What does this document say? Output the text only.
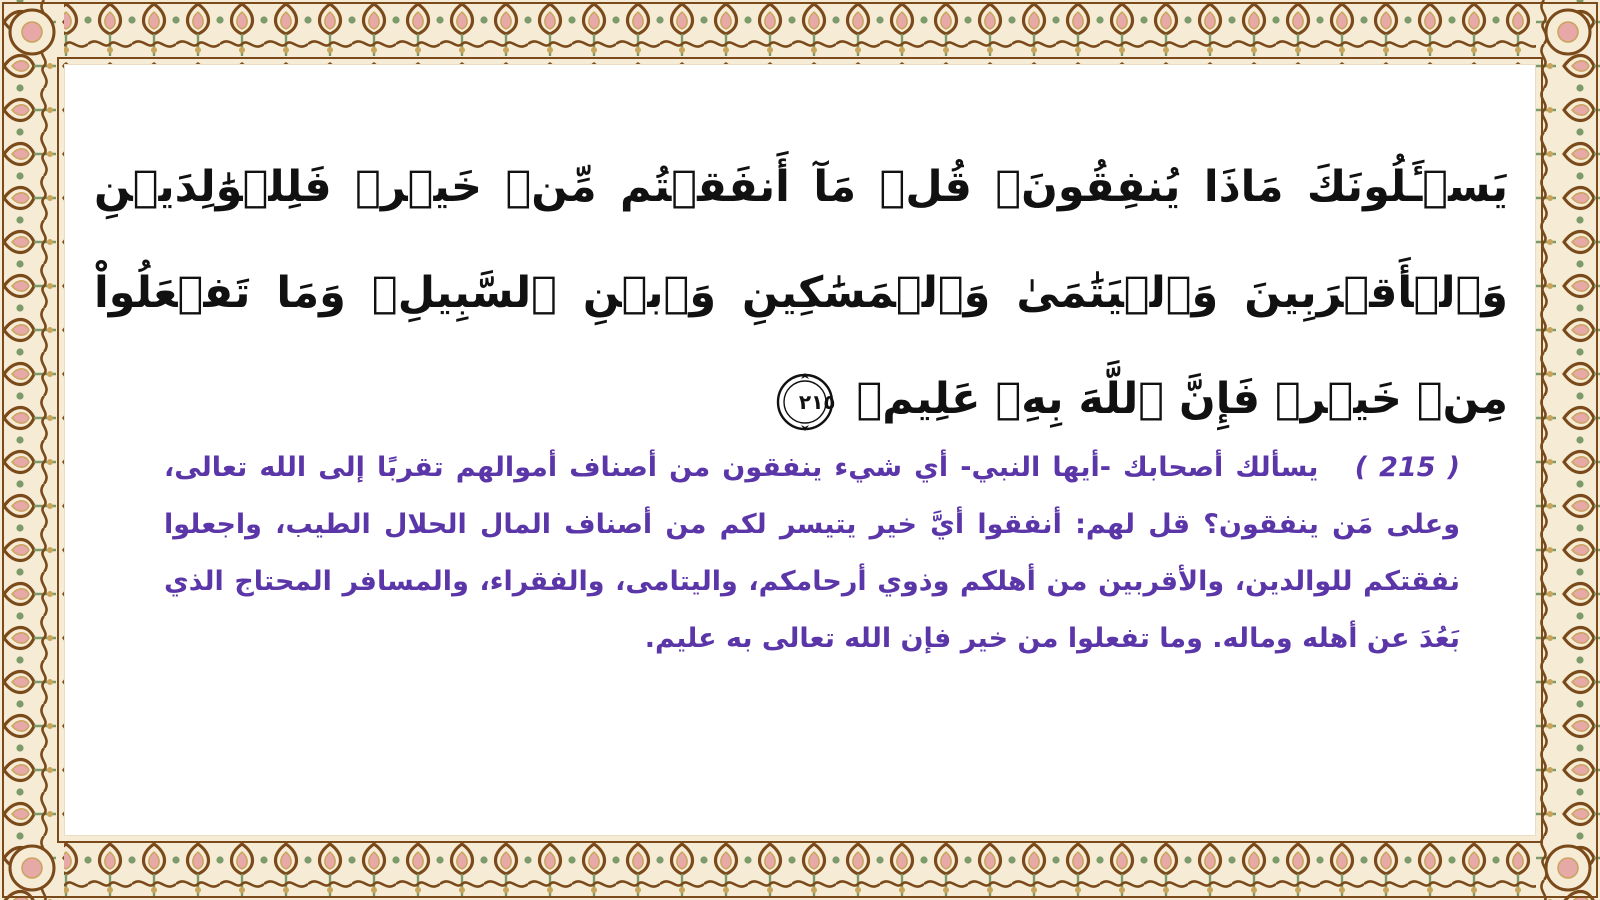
يَسۡـَٔلُونَكَ مَاذَا يُنفِقُونَۖ قُلۡ مَآ أَنفَقۡتُم مِّنۡ خَيۡرٖ فَلِلۡوَٰلِدَيۡنِ وَٱلۡأَقۡرَبِينَ وَٱلۡيَتَٰمَىٰ وَٱلۡمَسَٰكِينِ وَٱبۡنِ ٱلسَّبِيلِۗ وَمَا تَفۡعَلُواْ مِنۡ خَيۡرٖ فَإِنَّ ٱللَّهَ بِهِۦ عَلِيمٞ
٢١٥
( 215 )   يسألك أصحابك -أيها النبي- أي شيء ينفقون من أصناف أموالهم تقربًا إلى الله تعالى، وعلى مَن ينفقون؟ قل لهم: أنفقوا أيَّ خير يتيسر لكم من أصناف المال الحلال الطيب، واجعلوا نفقتكم للوالدين، والأقربين من أهلكم وذوي أرحامكم، واليتامى، والفقراء، والمسافر المحتاج الذي بَعُدَ عن أهله وماله. وما تفعلوا من خير فإن الله تعالى به عليم.
